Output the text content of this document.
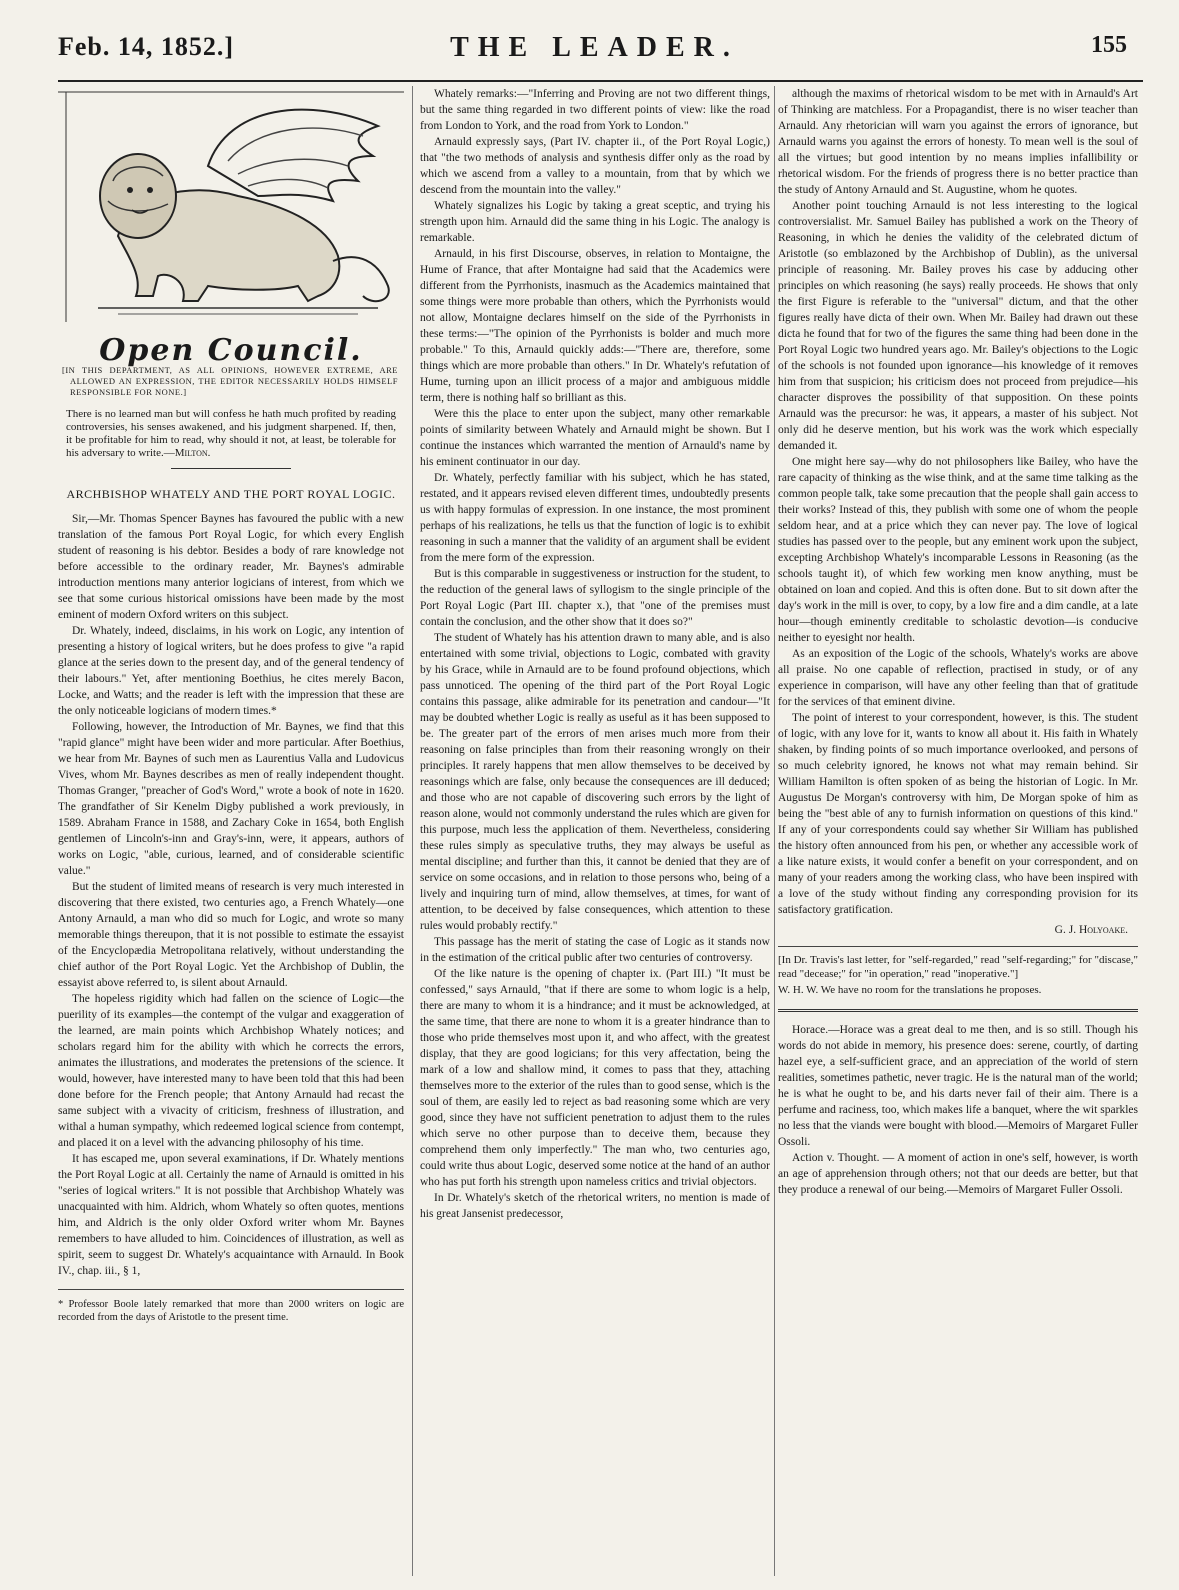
Feb. 14, 1852.]	THE LEADER.	155
Open Council.
[IN THIS DEPARTMENT, AS ALL OPINIONS, HOWEVER EXTREME, ARE ALLOWED AN EXPRESSION, THE EDITOR NECESSARILY HOLDS HIMSELF RESPONSIBLE FOR NONE.]
There is no learned man but will confess he hath much profited by reading controversies, his senses awakened, and his judgment sharpened. If, then, it be profitable for him to read, why should it not, at least, be tolerable for his adversary to write.—Milton.
ARCHBISHOP WHATELY AND THE PORT ROYAL LOGIC.

Sir,—Mr. Thomas Spencer Baynes has favoured the public with a new translation of the famous Port Royal Logic, for which every English student of reasoning is his debtor. Besides a body of rare knowledge not before accessible to the ordinary reader, Mr. Baynes's admirable introduction mentions many anterior logicians of interest, from which we see that some curious historical omissions have been made by the most eminent of modern Oxford writers on this subject.

Dr. Whately, indeed, disclaims, in his work on Logic, any intention of presenting a history of logical writers, but he does profess to give "a rapid glance at the series down to the present day, and of the general tendency of their labours." Yet, after mentioning Boethius, he cites merely Bacon, Locke, and Watts; and the reader is left with the impression that these are the only noticeable logicians of modern times.*

Following, however, the Introduction of Mr. Baynes, we find that this "rapid glance" might have been wider and more particular. After Boethius, we hear from Mr. Baynes of such men as Laurentius Valla and Ludovicus Vives, whom Mr. Baynes describes as men of really independent thought. Thomas Granger, "preacher of God's Word," wrote a book of note in 1620. The grandfather of Sir Kenelm Digby published a work previously, in 1589. Abraham France in 1588, and Zachary Coke in 1654, both English gentlemen of Lincoln's-inn and Gray's-inn, were, it appears, authors of works on Logic, "able, curious, learned, and of considerable scientific value."

But the student of limited means of research is very much interested in discovering that there existed, two centuries ago, a French Whately—one Antony Arnauld, a man who did so much for Logic, and wrote so many memorable things thereupon, that it is not possible to estimate the essayist of the Encyclopædia Metropolitana relatively, without understanding the chief author of the Port Royal Logic. Yet the Archbishop of Dublin, the essayist above referred to, is silent about Arnauld.

The hopeless rigidity which had fallen on the science of Logic—the puerility of its examples—the contempt of the vulgar and exaggeration of the learned, are main points which Archbishop Whately notices; and scholars regard him for the ability with which he corrects the errors, animates the illustrations, and moderates the pretensions of the science. It would, however, have interested many to have been told that this had been done before for the French people; that Antony Arnauld had recast the same subject with a vivacity of criticism, freshness of illustration, and withal a human sympathy, which redeemed logical science from contempt, and placed it on a level with the advancing philosophy of his time.

It has escaped me, upon several examinations, if Dr. Whately mentions the Port Royal Logic at all. Certainly the name of Arnauld is omitted in his "series of logical writers." It is not possible that Archbishop Whately was unacquainted with him. Aldrich, whom Whately so often quotes, mentions him, and Aldrich is the only older Oxford writer whom Mr. Baynes remembers to have alluded to him. Coincidences of illustration, as well as spirit, seem to suggest Dr. Whately's acquaintance with Arnauld. In Book IV., chap. iii., § 1,

* Professor Boole lately remarked that more than 2000 writers on logic are recorded from the days of Aristotle to the present time.

Whately remarks:—"Inferring and Proving are not two different things, but the same thing regarded in two different points of view: like the road from London to York, and the road from York to London."

Arnauld expressly says, (Part IV. chapter ii., of the Port Royal Logic,) that "the two methods of analysis and synthesis differ only as the road by which we ascend from a valley to a mountain, from that by which we descend from the mountain into the valley."

Whately signalizes his Logic by taking a great sceptic, and trying his strength upon him. Arnauld did the same thing in his Logic. The analogy is remarkable.

Arnauld, in his first Discourse, observes, in relation to Montaigne, the Hume of France, that after Montaigne had said that the Academics were different from the Pyrrhonists, inasmuch as the Academics maintained that some things were more probable than others, which the Pyrrhonists would not allow, Montaigne declares himself on the side of the Pyrrhonists in these terms:—"The opinion of the Pyrrhonists is bolder and much more probable." To this, Arnauld quickly adds:—"There are, therefore, some things which are more probable than others." In Dr. Whately's refutation of Hume, turning upon an illicit process of a major and ambiguous middle term, there is nothing half so brilliant as this.

Were this the place to enter upon the subject, many other remarkable points of similarity between Whately and Arnauld might be shown. But I continue the instances which warranted the mention of Arnauld's name by his eminent continuator in our day.

Dr. Whately, perfectly familiar with his subject, which he has stated, restated, and it appears revised eleven different times, undoubtedly presents us with happy formulas of expression. In one instance, the most prominent perhaps of his realizations, he tells us that the function of logic is to exhibit reasoning in such a manner that the validity of an argument shall be evident from the mere form of the expression.

But is this comparable in suggestiveness or instruction for the student, to the reduction of the general laws of syllogism to the single principle of the Port Royal Logic (Part III. chapter x.), that "one of the premises must contain the conclusion, and the other show that it does so?"

The student of Whately has his attention drawn to many able, and is also entertained with some trivial, objections to Logic, combated with gravity by his Grace, while in Arnauld are to be found profound objections, which pass unnoticed. The opening of the third part of the Port Royal Logic contains this passage, alike admirable for its penetration and candour—"It may be doubted whether Logic is really as useful as it has been supposed to be. The greater part of the errors of men arises much more from their reasoning on false principles than from their reasoning wrongly on their principles. It rarely happens that men allow themselves to be deceived by reasonings which are false, only because the consequences are ill deduced; and those who are not capable of discovering such errors by the light of reason alone, would not commonly understand the rules which are given for this purpose, much less the application of them. Nevertheless, considering these rules simply as speculative truths, they may always be useful as mental discipline; and further than this, it cannot be denied that they are of service on some occasions, and in relation to those persons who, being of a lively and inquiring turn of mind, allow themselves, at times, for want of attention, to be deceived by false consequences, which attention to these rules would probably rectify."

This passage has the merit of stating the case of Logic as it stands now in the estimation of the critical public after two centuries of controversy.

Of the like nature is the opening of chapter ix. (Part III.) "It must be confessed," says Arnauld, "that if there are some to whom logic is a help, there are many to whom it is a hindrance; and it must be acknowledged, at the same time, that there are none to whom it is a greater hindrance than to those who pride themselves most upon it, and who affect, with the greatest display, that they are good logicians; for this very affectation, being the mark of a low and shallow mind, it comes to pass that they, attaching themselves more to the exterior of the rules than to good sense, which is the soul of them, are easily led to reject as bad reasoning some which are very good, since they have not sufficient penetration to adjust them to the rules which serve no other purpose than to deceive them, because they comprehend them only imperfectly." The man who, two centuries ago, could write thus about Logic, deserved some notice at the hand of an author who has put forth his strength upon nameless critics and trivial objectors.

In Dr. Whately's sketch of the rhetorical writers, no mention is made of his great Jansenist predecessor,

although the maxims of rhetorical wisdom to be met with in Arnauld's Art of Thinking are matchless. For a Propagandist, there is no wiser teacher than Arnauld. Any rhetorician will warn you against the errors of ignorance, but Arnauld warns you against the errors of honesty. To mean well is the soul of all the virtues; but good intention by no means implies infallibility or rhetorical wisdom. For the friends of progress there is no better practice than the study of Antony Arnauld and St. Augustine, whom he quotes.

Another point touching Arnauld is not less interesting to the logical controversialist. Mr. Samuel Bailey has published a work on the Theory of Reasoning, in which he denies the validity of the celebrated dictum of Aristotle (so emblazoned by the Archbishop of Dublin), as the universal principle of reasoning. Mr. Bailey proves his case by adducing other principles on which reasoning (he says) really proceeds. He shows that only the first Figure is referable to the "universal" dictum, and that the other figures really have dicta of their own. When Mr. Bailey had drawn out these dicta he found that for two of the figures the same thing had been done in the Port Royal Logic two hundred years ago. Mr. Bailey's objections to the Logic of the schools is not founded upon ignorance—his knowledge of it removes him from that suspicion; his criticism does not proceed from prejudice—his character disproves the possibility of that supposition. On these points Arnauld was the precursor: he was, it appears, a master of his subject. Not only did he deserve mention, but his work was the work which especially demanded it.

One might here say—why do not philosophers like Bailey, who have the rare capacity of thinking as the wise think, and at the same time talking as the common people talk, take some precaution that the people shall gain access to their works? Instead of this, they publish with some one of whom the people seldom hear, and at a price which they can never pay. The love of logical studies has passed over to the people, but any eminent work upon the subject, excepting Archbishop Whately's incomparable Lessons in Reasoning (as the schools taught it), of which few working men know anything, must be obtained on loan and copied. And this is often done. But to sit down after the day's work in the mill is over, to copy, by a low fire and a dim candle, at a late hour—though eminently creditable to scholastic devotion—is conducive neither to eyesight nor health.

As an exposition of the Logic of the schools, Whately's works are above all praise. No one capable of reflection, practised in study, or of any experience in comparison, will have any other feeling than that of gratitude for the services of that eminent divine.

The point of interest to your correspondent, however, is this. The student of logic, with any love for it, wants to know all about it. His faith in Whately shaken, by finding points of so much importance overlooked, and persons of so much celebrity ignored, he knows not what may remain behind. Sir William Hamilton is often spoken of as being the historian of Logic. In Mr. Augustus De Morgan's controversy with him, De Morgan spoke of him as being the "best able of any to furnish information on questions of this kind." If any of your correspondents could say whether Sir William has published the history often announced from his pen, or whether any accessible work of a like nature exists, it would confer a benefit on your correspondent, and on many of your readers among the working class, who have been inspired with a love of the study without finding any corresponding provision for its satisfactory gratification.

G. J. Holyoake.

[In Dr. Travis's last letter, for "self-regarded," read "self-regarding;" for "discase," read "decease;" for "in operation," read "inoperative."]

W. H. W. We have no room for the translations he proposes.

Horace.—Horace was a great deal to me then, and is so still. Though his words do not abide in memory, his presence does: serene, courtly, of darting hazel eye, a self-sufficient grace, and an appreciation of the world of stern realities, sometimes pathetic, never tragic. He is the natural man of the world; he is what he ought to be, and his darts never fail of their aim. There is a perfume and raciness, too, which makes life a banquet, where the wit sparkles no less that the viands were bought with blood.—Memoirs of Margaret Fuller Ossoli.

Action v. Thought. — A moment of action in one's self, however, is worth an age of apprehension through others; not that our deeds are better, but that they produce a renewal of our being.—Memoirs of Margaret Fuller Ossoli.
